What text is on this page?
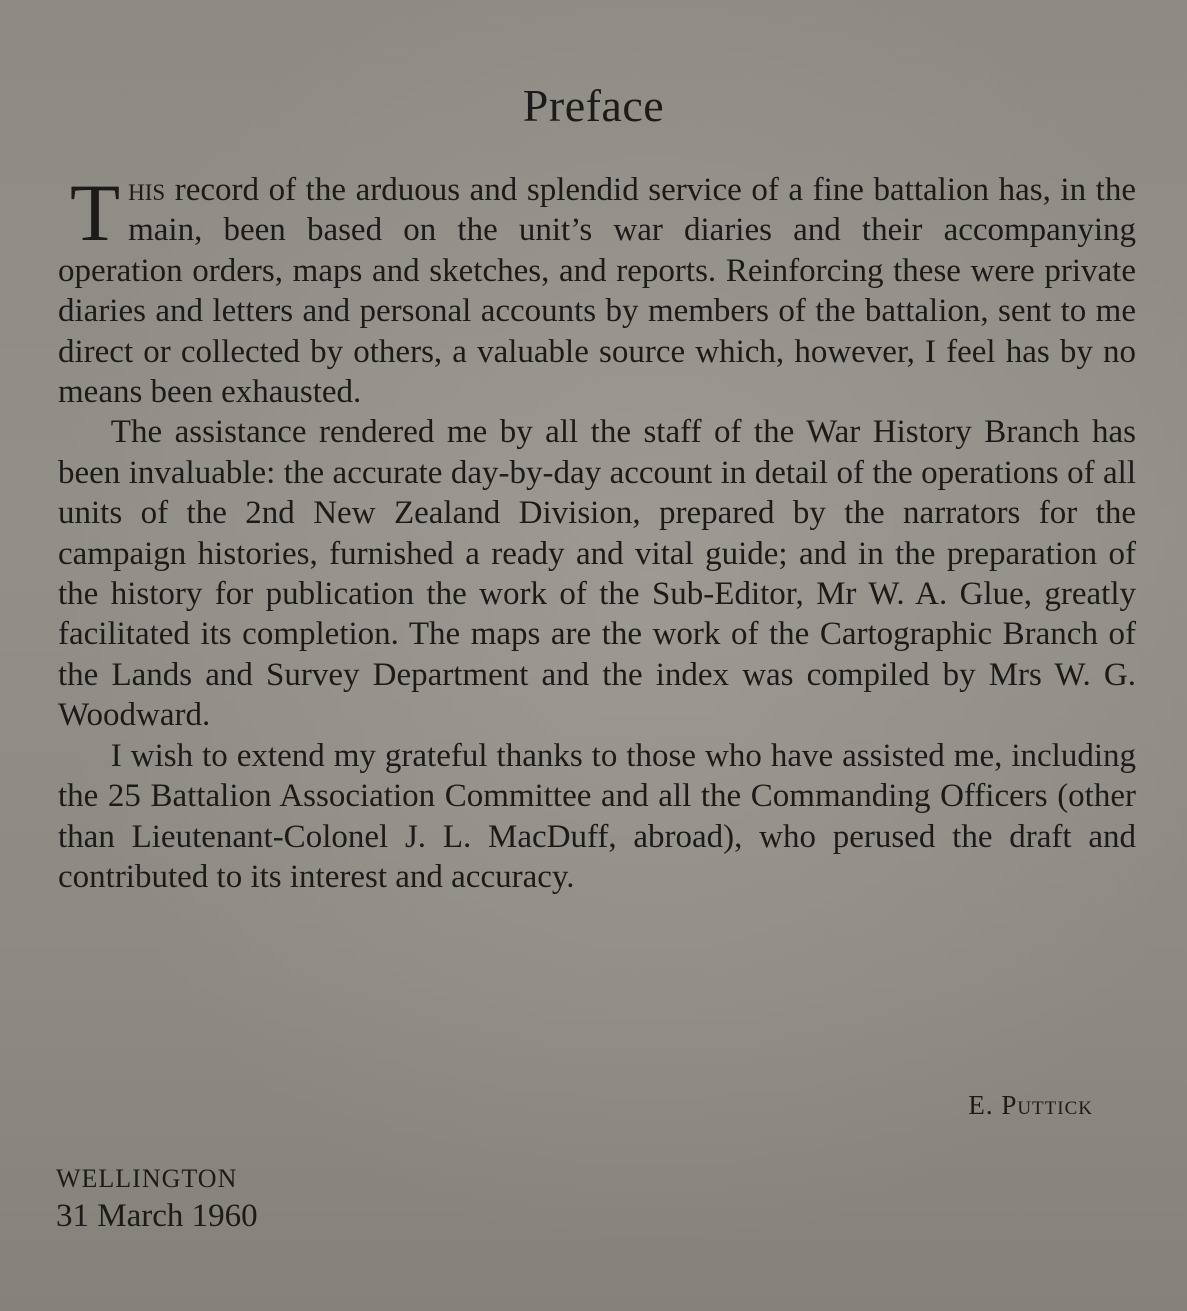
Preface

This record of the arduous and splendid service of a fine battalion has, in the main, been based on the unit’s war diaries and their accompanying operation orders, maps and sketches, and reports. Reinforcing these were private diaries and letters and personal accounts by members of the battalion, sent to me direct or collected by others, a valuable source which, however, I feel has by no means been exhausted.

The assistance rendered me by all the staff of the War History Branch has been invaluable: the accurate day-by-day account in detail of the operations of all units of the 2nd New Zealand Division, prepared by the narrators for the campaign histories, furnished a ready and vital guide; and in the preparation of the history for publication the work of the Sub-Editor, Mr W. A. Glue, greatly facilitated its completion. The maps are the work of the Cartographic Branch of the Lands and Survey Department and the index was compiled by Mrs W. G. Woodward.

I wish to extend my grateful thanks to those who have assisted me, including the 25 Battalion Association Committee and all the Commanding Officers (other than Lieutenant-Colonel J. L. MacDuff, abroad), who perused the draft and contributed to its interest and accuracy.

E. Puttick
WELLINGTON
31 March 1960
